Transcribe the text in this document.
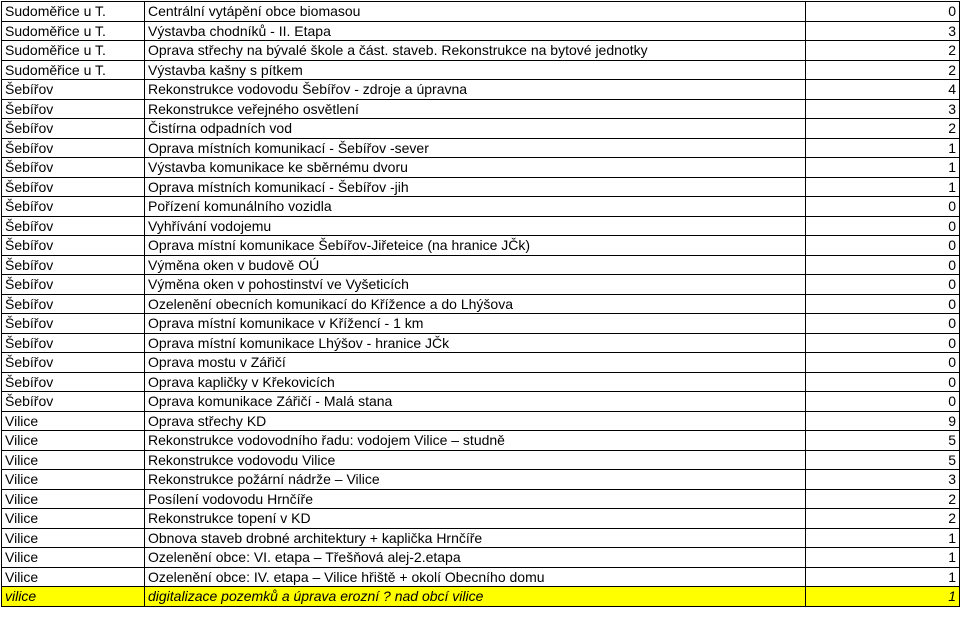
Sudoměřice u T.	Centrální vytápění obce biomasou	0
Sudoměřice u T.	Výstavba chodníků - II. Etapa	3
Sudoměřice u T.	Oprava střechy na bývalé škole a část. staveb. Rekonstrukce na bytové jednotky	2
Sudoměřice u T.	Výstavba kašny s pítkem	2
Šebířov	Rekonstrukce vodovodu Šebířov - zdroje a úpravna	4
Šebířov	Rekonstrukce veřejného osvětlení	3
Šebířov	Čistírna odpadních vod	2
Šebířov	Oprava místních komunikací - Šebířov -sever	1
Šebířov	Výstavba komunikace ke sběrnému dvoru	1
Šebířov	Oprava místních komunikací - Šebířov -jih	1
Šebířov	Pořízení komunálního vozidla	0
Šebířov	Vyhřívání vodojemu	0
Šebířov	Oprava místní komunikace Šebířov-Jiřeteice (na hranice JČk)	0
Šebířov	Výměna oken v budově OÚ	0
Šebířov	Výměna oken v pohostinství ve Vyšeticích	0
Šebířov	Ozelenění obecních komunikací do Křížence a do Lhýšova	0
Šebířov	Oprava místní komunikace v Křížencí - 1 km	0
Šebířov	Oprava místní komunikace Lhýšov - hranice JČk	0
Šebířov	Oprava mostu v Zářičí	0
Šebířov	Oprava kapličky v Křekovicích	0
Šebířov	Oprava komunikace Zářičí - Malá stana	0
Vilice	Oprava střechy KD	9
Vilice	Rekonstrukce vodovodního řadu: vodojem Vilice – studně	5
Vilice	Rekonstrukce vodovodu Vilice	5
Vilice	Rekonstrukce požární nádrže – Vilice	3
Vilice	Posílení vodovodu Hrnčíře	2
Vilice	Rekonstrukce topení v KD	2
Vilice	Obnova staveb drobné architektury + kaplička Hrnčíře	1
Vilice	Ozelenění obce: VI. etapa – Třešňová alej-2.etapa	1
Vilice	Ozelenění obce: IV. etapa – Vilice hřiště + okolí Obecního domu	1
vilice	digitalizace pozemků a úprava erozní ? nad obcí vilice	1
